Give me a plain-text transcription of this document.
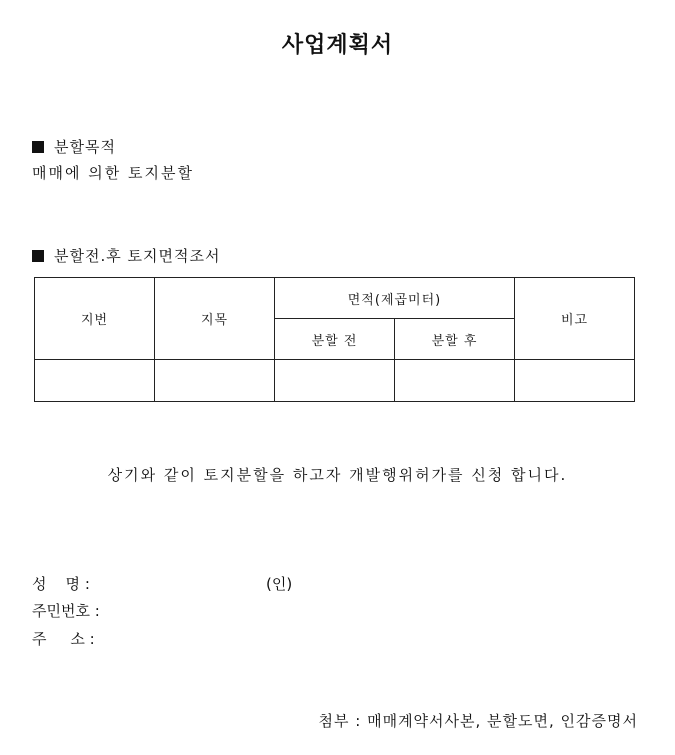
사업계획서
분할목적
매매에 의한 토지분할
분할전.후 토지면적조서
지번	지목	면적(제곱미터)		비고
		분할 전	분할 후	

상기와 같이 토지분할을 하고자 개발행위허가를 신청 합니다.
성    명 :	(인)
주민번호 :
주     소 :
첨부 : 매매계약서사본, 분할도면, 인감증명서
